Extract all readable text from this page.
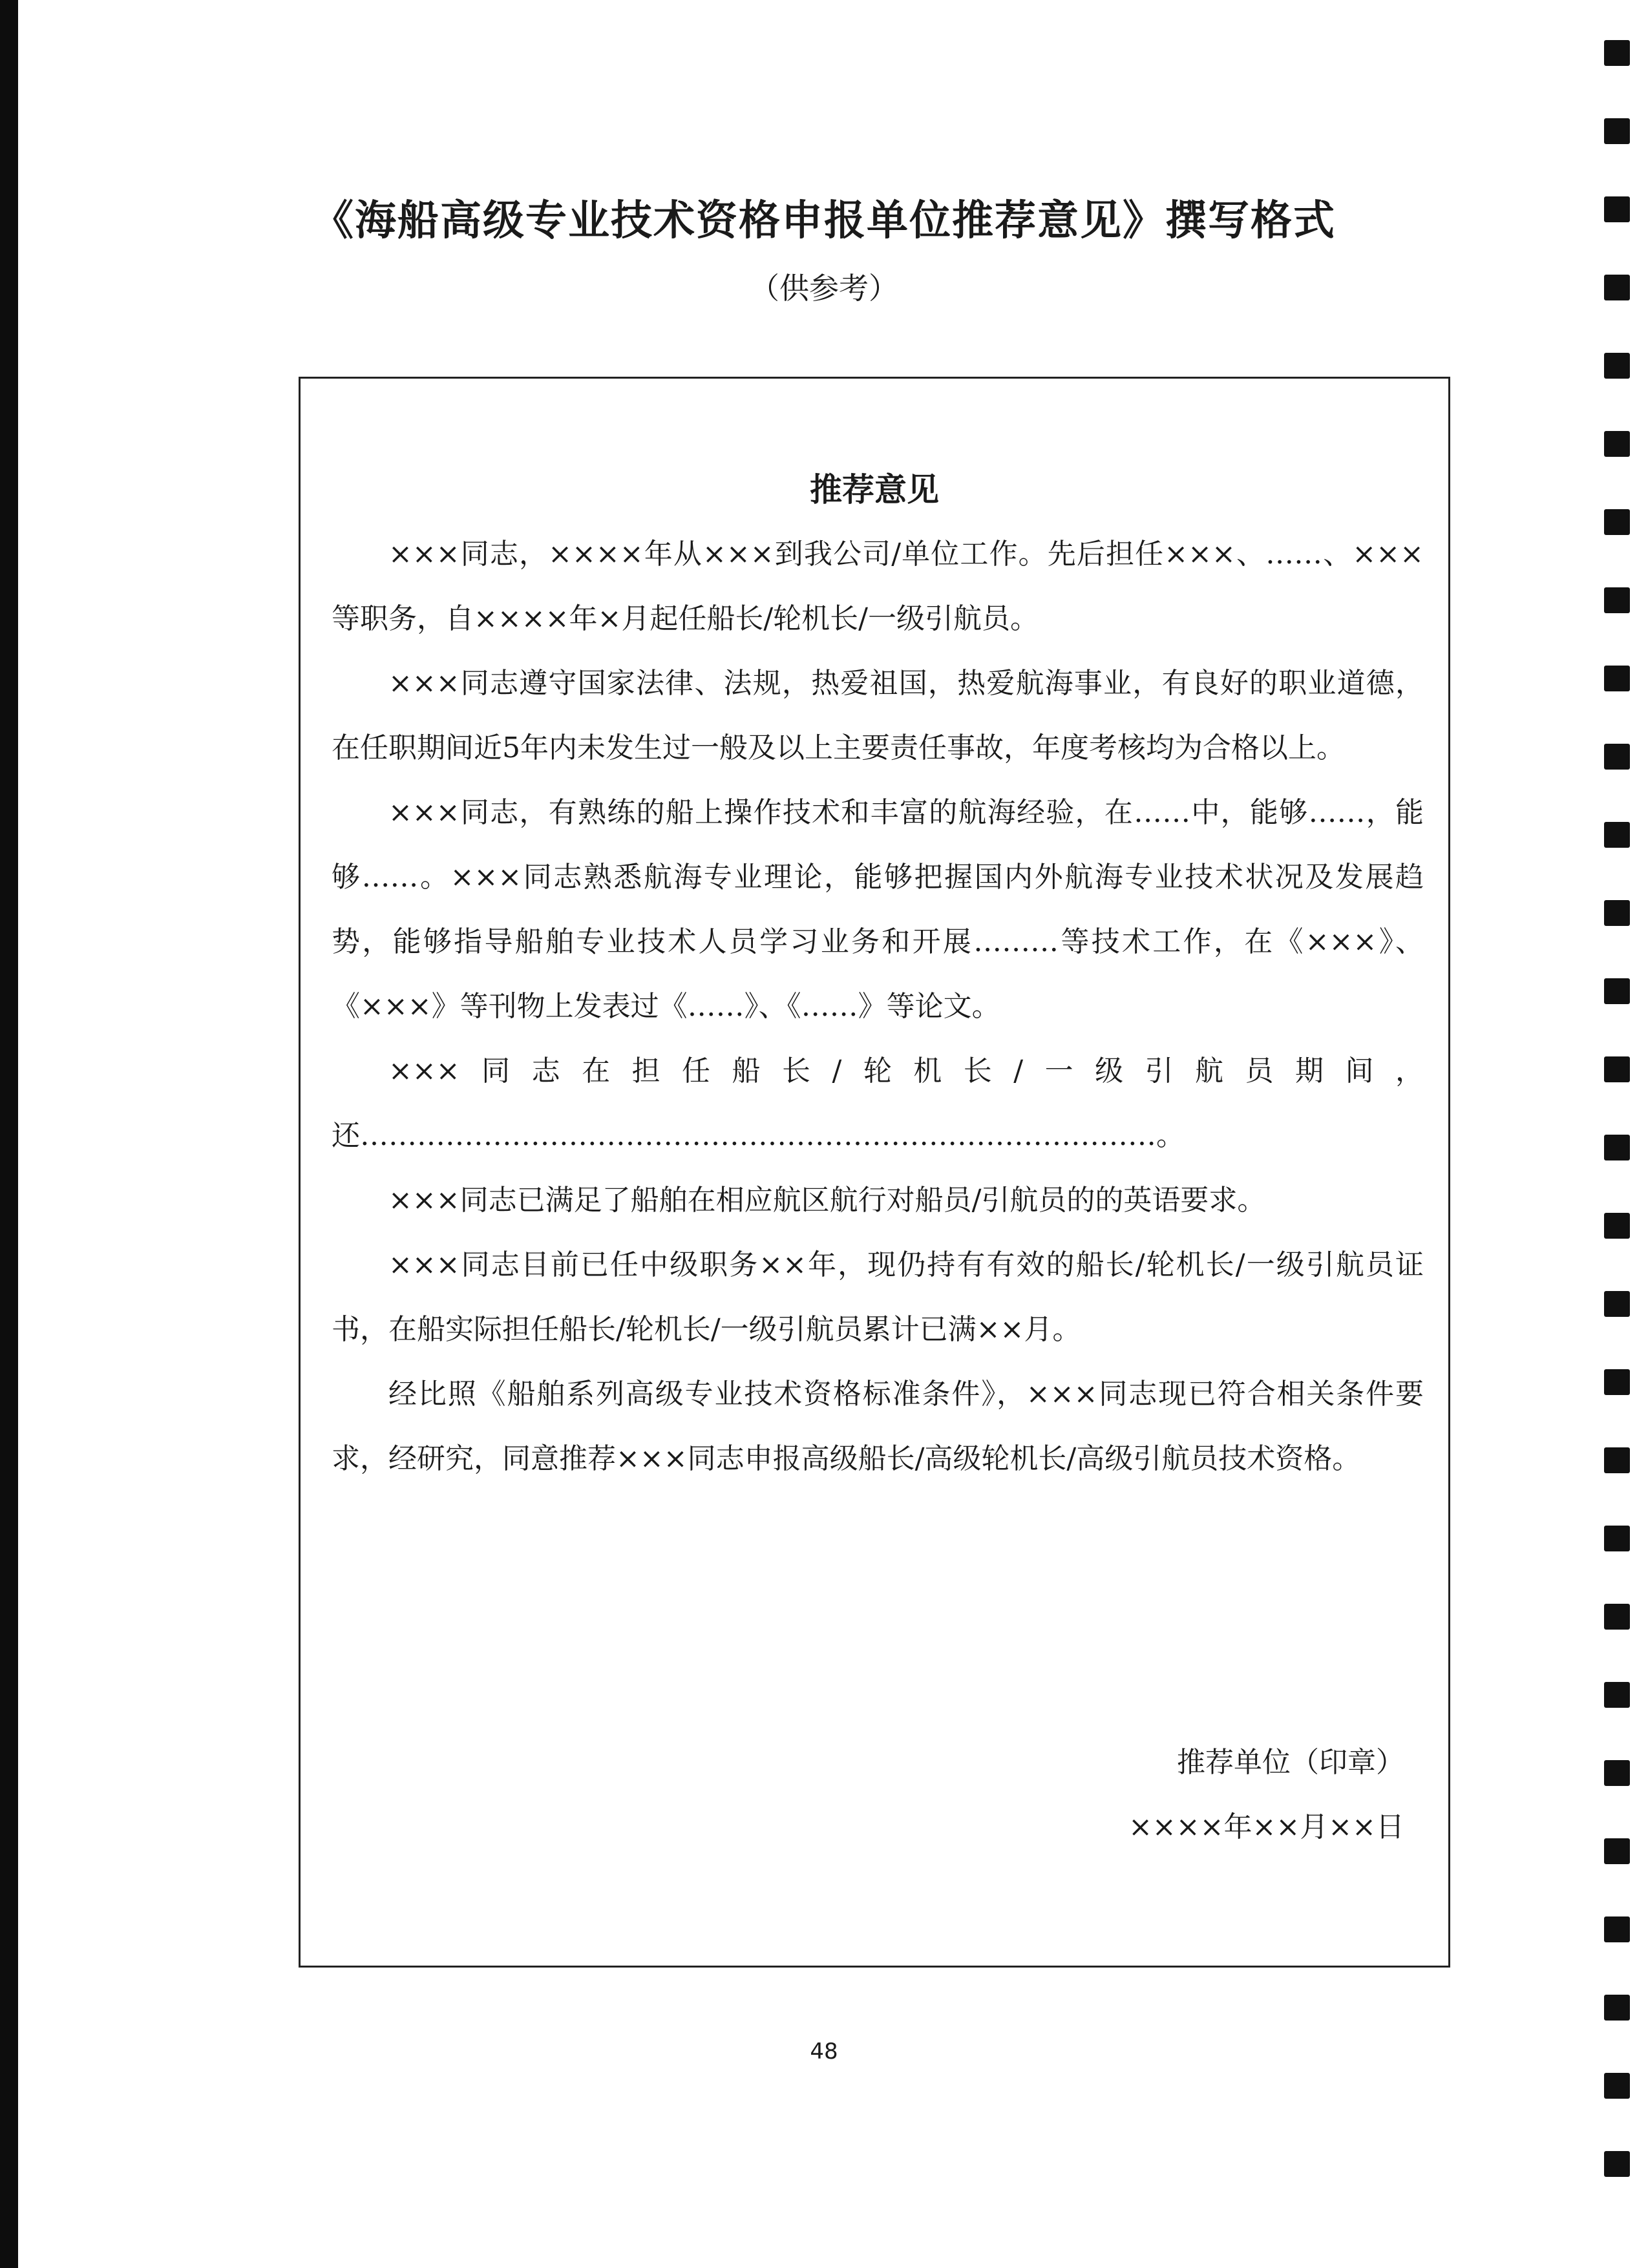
《海船高级专业技术资格申报单位推荐意见》撰写格式
（供参考）
推荐意见

×××同志，××××年从×××到我公司/单位工作。先后担任×××、……、×××等职务，自××××年×月起任船长/轮机长/一级引航员。

×××同志遵守国家法律、法规，热爱祖国，热爱航海事业，有良好的职业道德，在任职期间近5年内未发生过一般及以上主要责任事故，年度考核均为合格以上。

×××同志，有熟练的船上操作技术和丰富的航海经验，在……中，能够……，能够……。×××同志熟悉航海专业理论，能够把握国内外航海专业技术状况及发展趋势，能够指导船舶专业技术人员学习业务和开展………等技术工作，在《×××》、《×××》等刊物上发表过《……》、《……》等论文。

×××同志在担任船长/轮机长/一级引航员期间，还…………………………………………………………………………。

×××同志已满足了船舶在相应航区航行对船员/引航员的的英语要求。

×××同志目前已任中级职务××年，现仍持有有效的船长/轮机长/一级引航员证书，在船实际担任船长/轮机长/一级引航员累计已满××月。

经比照《船舶系列高级专业技术资格标准条件》，×××同志现已符合相关条件要求，经研究，同意推荐×××同志申报高级船长/高级轮机长/高级引航员技术资格。

推荐单位（印章）
××××年××月××日
48
